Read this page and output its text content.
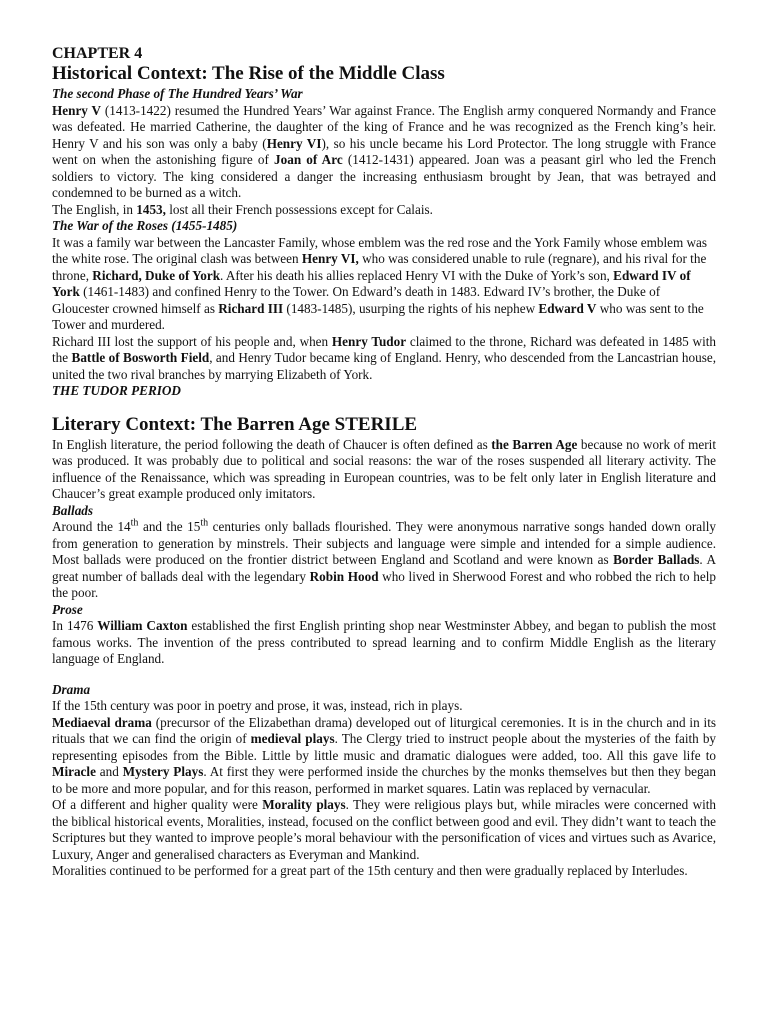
CHAPTER 4
Historical Context: The Rise of the Middle Class
The second Phase of The Hundred Years’ War
Henry V (1413-1422) resumed the Hundred Years’ War against France. The English army conquered Normandy and France was defeated. He married Catherine, the daughter of the king of France and he was recognized as the French king’s heir. Henry V and his son was only a baby (Henry VI), so his uncle became his Lord Protector. The long struggle with France went on when the astonishing figure of Joan of Arc (1412-1431) appeared. Joan was a peasant girl who led the French soldiers to victory. The king considered a danger the increasing enthusiasm brought by Jean, that was betrayed and condemned to be burned as a witch.
The English, in 1453, lost all their French possessions except for Calais.
The War of the Roses (1455-1485)
It was a family war between the Lancaster Family, whose emblem was the red rose and the York Family whose emblem was the white rose. The original clash was between Henry VI, who was considered unable to rule (regnare), and his rival for the throne, Richard, Duke of York. After his death his allies replaced Henry VI with the Duke of York’s son, Edward IV of York (1461-1483) and confined Henry to the Tower. On Edward’s death in 1483. Edward IV’s brother, the Duke of Gloucester crowned himself as Richard III (1483-1485), usurping the rights of his nephew Edward V who was sent to the Tower and murdered.
Richard III lost the support of his people and, when Henry Tudor claimed to the throne, Richard was defeated in 1485 with the Battle of Bosworth Field, and Henry Tudor became king of England. Henry, who descended from the Lancastrian house, united the two rival branches by marrying Elizabeth of York.
THE TUDOR PERIOD
Literary Context: The Barren Age STERILE
In English literature, the period following the death of Chaucer is often defined as the Barren Age because no work of merit was produced. It was probably due to political and social reasons: the war of the roses suspended all literary activity. The influence of the Renaissance, which was spreading in European countries, was to be felt only later in English literature and Chaucer’s great example produced only imitators.
Ballads
Around the 14th and the 15th centuries only ballads flourished. They were anonymous narrative songs handed down orally from generation to generation by minstrels. Their subjects and language were simple and intended for a simple audience. Most ballads were produced on the frontier district between England and Scotland and were known as Border Ballads. A great number of ballads deal with the legendary Robin Hood who lived in Sherwood Forest and who robbed the rich to help the poor.
Prose
In 1476 William Caxton established the first English printing shop near Westminster Abbey, and began to publish the most famous works. The invention of the press contributed to spread learning and to confirm Middle English as the literary language of England.
Drama
If the 15th century was poor in poetry and prose, it was, instead, rich in plays.
Mediaeval drama (precursor of the Elizabethan drama) developed out of liturgical ceremonies. It is in the church and in its rituals that we can find the origin of medieval plays. The Clergy tried to instruct people about the mysteries of the faith by representing episodes from the Bible. Little by little music and dramatic dialogues were added, too. All this gave life to Miracle and Mystery Plays. At first they were performed inside the churches by the monks themselves but then they began to be more and more popular, and for this reason, performed in market squares. Latin was replaced by vernacular.
Of a different and higher quality were Morality plays. They were religious plays but, while miracles were concerned with the biblical historical events, Moralities, instead, focused on the conflict between good and evil. They didn’t want to teach the Scriptures but they wanted to improve people’s moral behaviour with the personification of vices and virtues such as Avarice, Luxury, Anger and generalised characters as Everyman and Mankind.
Moralities continued to be performed for a great part of the 15th century and then were gradually replaced by Interludes.
